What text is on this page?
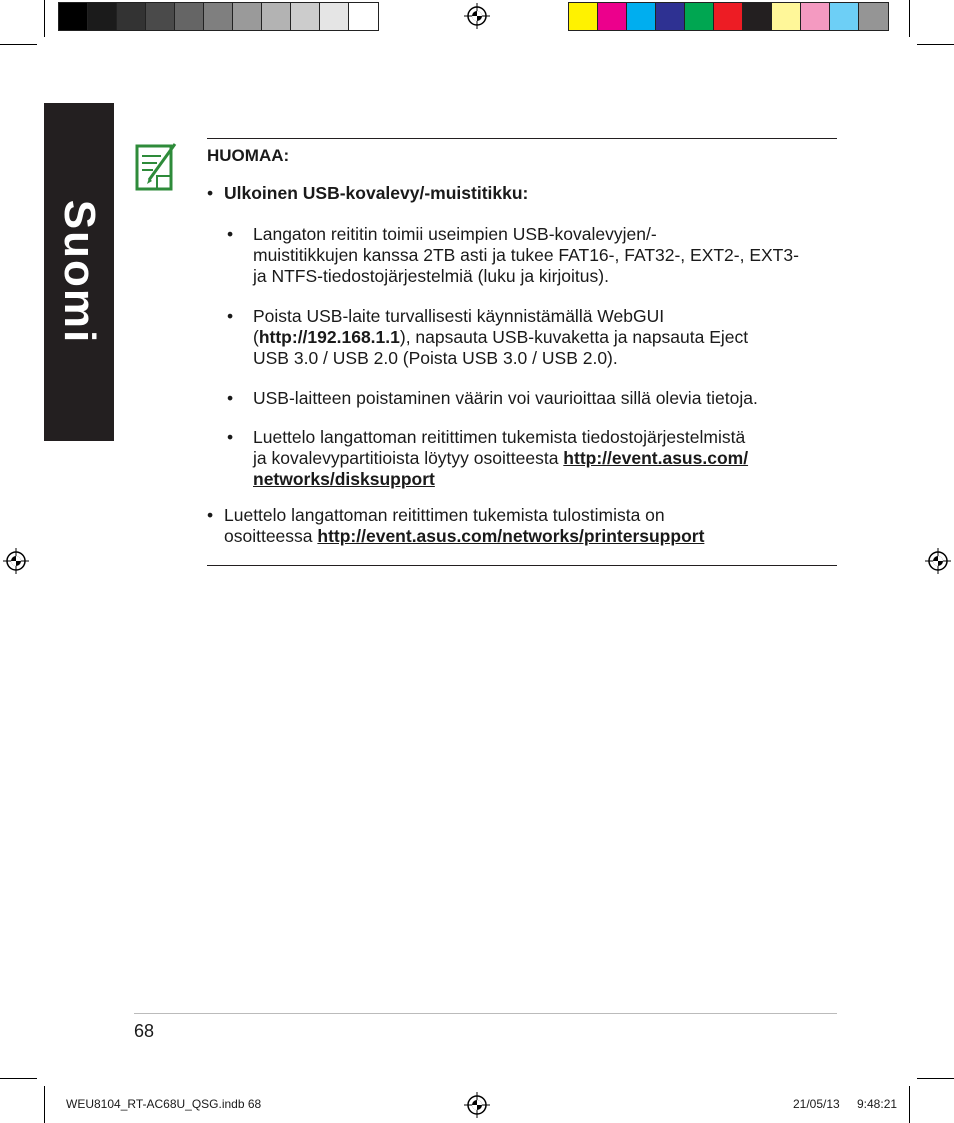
Suomi
HUOMAA:
• Ulkoinen USB-kovalevy/-muistitikku:
• Langaton reititin toimii useimpien USB-kovalevyjen/-
muistitikkujen kanssa 2TB asti ja tukee FAT16-, FAT32-, EXT2-, EXT3-
ja NTFS-tiedostojärjestelmiä (luku ja kirjoitus).
• Poista USB-laite turvallisesti käynnistämällä WebGUI
(http://192.168.1.1), napsauta USB-kuvaketta ja napsauta Eject
USB 3.0 / USB 2.0 (Poista USB 3.0 / USB 2.0).
• USB-laitteen poistaminen väärin voi vaurioittaa sillä olevia tietoja.
• Luettelo langattoman reitittimen tukemista tiedostojärjestelmistä
ja kovalevypartitioista löytyy osoitteesta http://event.asus.com/
networks/disksupport
• Luettelo langattoman reitittimen tukemista tulostimista on
osoitteessa http://event.asus.com/networks/printersupport
68
WEU8104_RT-AC68U_QSG.indb 68	21/05/13 9:48:21
